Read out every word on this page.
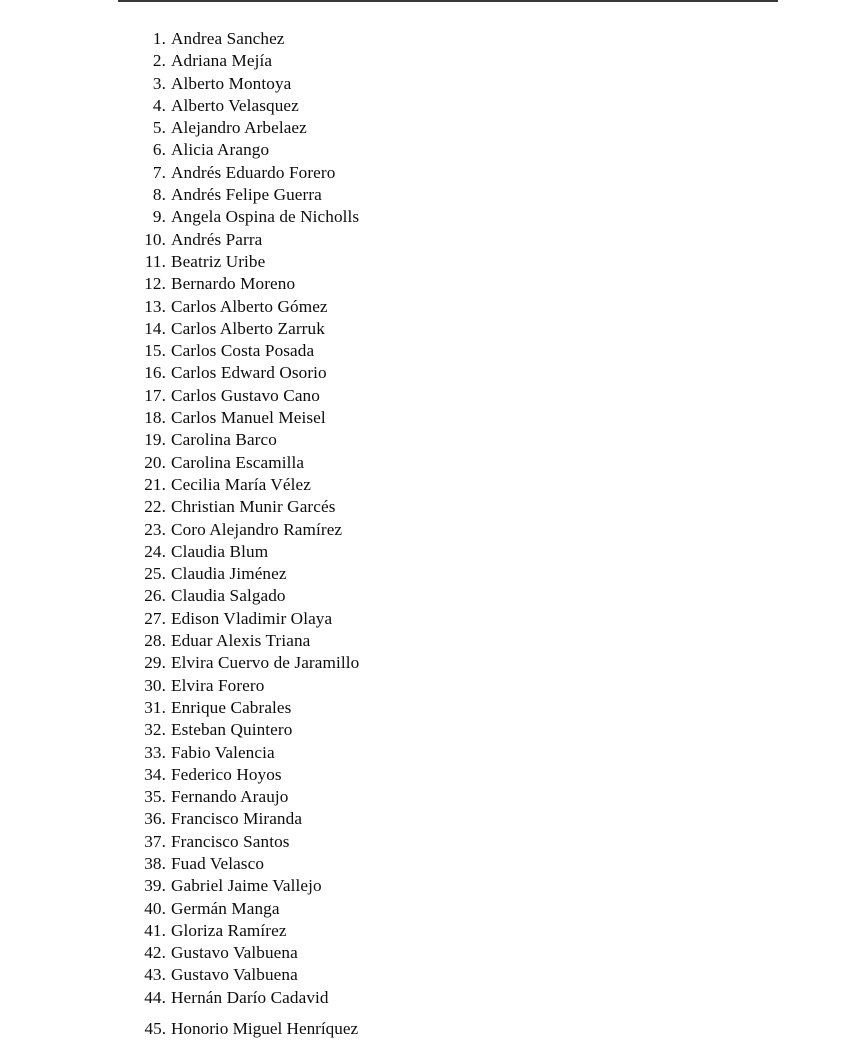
1. Andrea Sanchez
2. Adriana Mejía
3. Alberto Montoya
4. Alberto Velasquez
5. Alejandro Arbelaez
6. Alicia Arango
7. Andrés Eduardo Forero
8. Andrés Felipe Guerra
9. Angela Ospina de Nicholls
10. Andrés Parra
11. Beatriz Uribe
12. Bernardo Moreno
13. Carlos Alberto Gómez
14. Carlos Alberto Zarruk
15. Carlos Costa Posada
16. Carlos Edward Osorio
17. Carlos Gustavo Cano
18. Carlos Manuel Meisel
19. Carolina Barco
20. Carolina Escamilla
21. Cecilia María Vélez
22. Christian Munir Garcés
23. Coro Alejandro Ramírez
24. Claudia Blum
25. Claudia Jiménez
26. Claudia Salgado
27. Edison Vladimir Olaya
28. Eduar Alexis Triana
29. Elvira Cuervo de Jaramillo
30. Elvira Forero
31. Enrique Cabrales
32. Esteban Quintero
33. Fabio Valencia
34. Federico Hoyos
35. Fernando Araujo
36. Francisco Miranda
37. Francisco Santos
38. Fuad Velasco
39. Gabriel Jaime Vallejo
40. Germán Manga
41. Gloriza Ramírez
42. Gustavo Valbuena
43. Gustavo Valbuena
44. Hernán Darío Cadavid
45. Honorio Miguel Henríquez
